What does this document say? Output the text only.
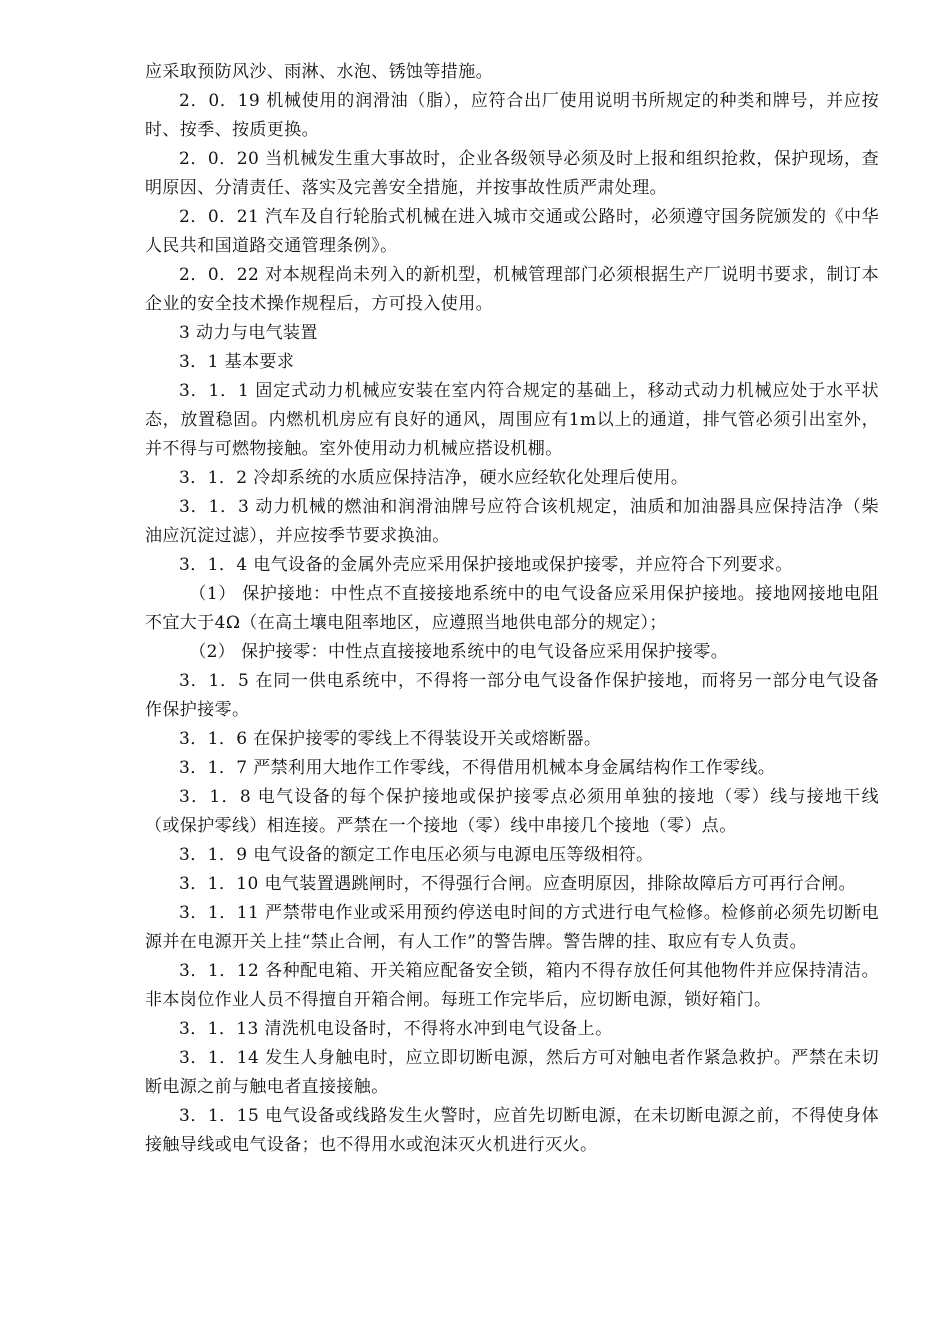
应采取预防风沙、雨淋、水泡、锈蚀等措施。

2．0．19 机械使用的润滑油（脂），应符合出厂使用说明书所规定的种类和牌号，并应按时、按季、按质更换。

2．0．20 当机械发生重大事故时，企业各级领导必须及时上报和组织抢救，保护现场，查明原因、分清责任、落实及完善安全措施，并按事故性质严肃处理。

2．0．21 汽车及自行轮胎式机械在进入城市交通或公路时，必须遵守国务院颁发的《中华人民共和国道路交通管理条例》。

2．0．22 对本规程尚未列入的新机型，机械管理部门必须根据生产厂说明书要求，制订本企业的安全技术操作规程后，方可投入使用。

3 动力与电气装置

3．1 基本要求

3．1．1 固定式动力机械应安装在室内符合规定的基础上，移动式动力机械应处于水平状态，放置稳固。内燃机机房应有良好的通风，周围应有1m以上的通道，排气管必须引出室外，并不得与可燃物接触。室外使用动力机械应搭设机棚。

3．1．2 冷却系统的水质应保持洁净，硬水应经软化处理后使用。

3．1．3 动力机械的燃油和润滑油牌号应符合该机规定，油质和加油器具应保持洁净（柴油应沉淀过滤），并应按季节要求换油。

3．1．4 电气设备的金属外壳应采用保护接地或保护接零，并应符合下列要求。

（1） 保护接地：中性点不直接接地系统中的电气设备应采用保护接地。接地网接地电阻不宜大于4Ω（在高土壤电阻率地区，应遵照当地供电部分的规定）；

（2） 保护接零：中性点直接接地系统中的电气设备应采用保护接零。

3．1．5 在同一供电系统中，不得将一部分电气设备作保护接地，而将另一部分电气设备作保护接零。

3．1．6 在保护接零的零线上不得装设开关或熔断器。

3．1．7 严禁利用大地作工作零线，不得借用机械本身金属结构作工作零线。

3．1．8 电气设备的每个保护接地或保护接零点必须用单独的接地（零）线与接地干线（或保护零线）相连接。严禁在一个接地（零）线中串接几个接地（零）点。

3．1．9 电气设备的额定工作电压必须与电源电压等级相符。

3．1．10 电气装置遇跳闸时，不得强行合闸。应查明原因，排除故障后方可再行合闸。

3．1．11 严禁带电作业或采用预约停送电时间的方式进行电气检修。检修前必须先切断电源并在电源开关上挂“禁止合闸，有人工作”的警告牌。警告牌的挂、取应有专人负责。

3．1．12 各种配电箱、开关箱应配备安全锁，箱内不得存放任何其他物件并应保持清洁。非本岗位作业人员不得擅自开箱合闸。每班工作完毕后，应切断电源，锁好箱门。

3．1．13 清洗机电设备时，不得将水冲到电气设备上。

3．1．14 发生人身触电时，应立即切断电源，然后方可对触电者作紧急救护。严禁在未切断电源之前与触电者直接接触。

3．1．15 电气设备或线路发生火警时，应首先切断电源，在未切断电源之前，不得使身体接触导线或电气设备；也不得用水或泡沫灭火机进行灭火。
